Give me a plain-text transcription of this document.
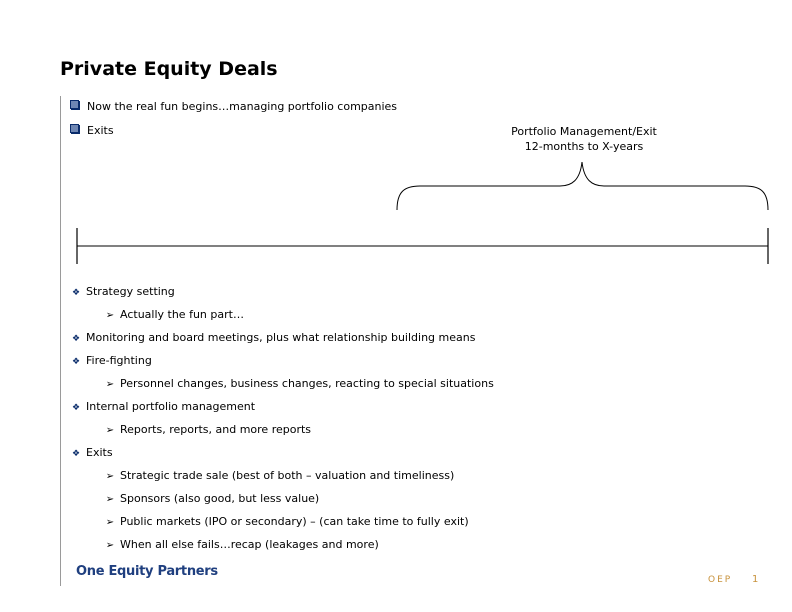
Private Equity Deals
Now the real fun begins…managing portfolio companies
Exits	Portfolio Management/Exit
12-months to X-years
❖ Strategy setting
➢ Actually the fun part…
❖ Monitoring and board meetings, plus what relationship building means
❖ Fire-fighting
➢ Personnel changes, business changes, reacting to special situations
❖ Internal portfolio management
➢ Reports, reports, and more reports
❖ Exits
➢ Strategic trade sale (best of both – valuation and timeliness)
➢ Sponsors (also good, but less value)
➢ Public markets (IPO or secondary) – (can take time to fully exit)
➢ When all else fails…recap (leakages and more)
One Equity Partners
OEP 1
